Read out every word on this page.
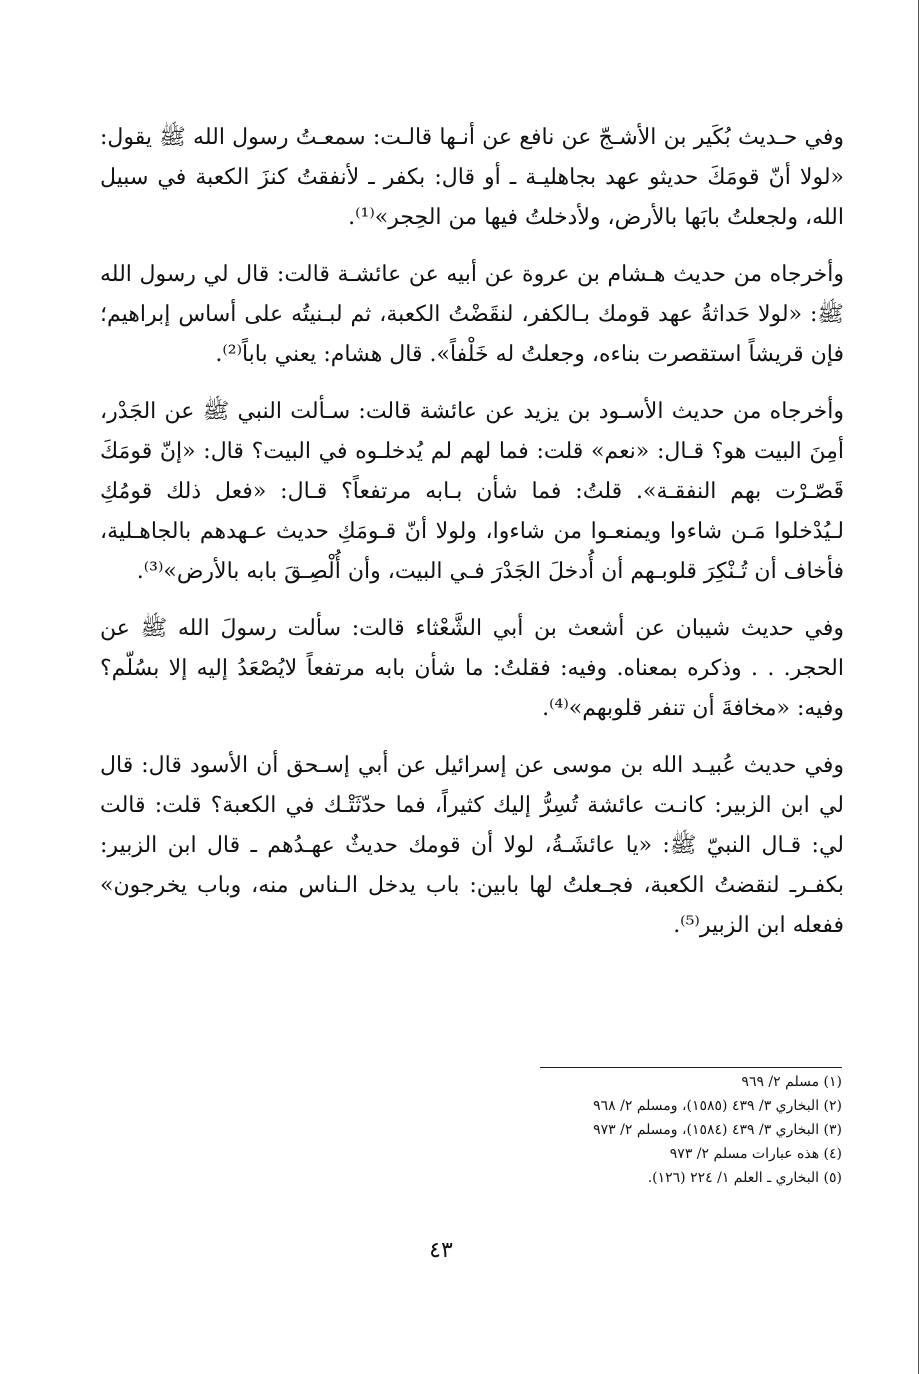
وفي حـديث بُكَير بن الأشـجّ عن نافع عن أنـها قالـت: سمعـتُ رسول الله ﷺ يقول: «لولا أنّ قومَكَ حديثو عهد بجاهليـة ـ أو قال: بكفر ـ لأنفقتُ كنزَ الكعبة في سبيل الله، ولجعلتُ بابَها بالأرض، ولأدخلتُ فيها من الحِجر»⁽¹⁾.

وأخرجاه من حديث هـشام بن عروة عن أبيه عن عائشـة قالت: قال لي رسول الله ﷺ: «لولا حَداثةُ عهد قومك بـالكفر، لنقَضْتُ الكعبة، ثم لبـنيتُه على أساس إبراهيم؛ فإن قريشاً استقصرت بناءه، وجعلتُ له خَلْفاً». قال هشام: يعني باباً⁽²⁾.

وأخرجاه من حديث الأسـود بن يزيد عن عائشة قالت: سـألت النبي ﷺ عن الجَدْر، أمِنَ البيت هو؟ قـال: «نعم» قلت: فما لهم لم يُدخلـوه في البيت؟ قال: «إنّ قومَكَ قَصّـرْت بهم النفقـة». قلتُ: فما شأن بـابه مرتفعاً؟ قـال: «فعل ذلك قومُكِ لـيُدْخلوا مَـن شاءوا ويمنعـوا من شاءوا، ولولا أنّ قـومَكِ حديث عـهدهم بالجاهـلية، فأخاف أن تُـنْكِرَ قلوبـهم أن أُدخلَ الجَدْرَ فـي البيت، وأن أُلْصِـقَ بابه بالأرض»⁽³⁾.

وفي حديث شيبان عن أشعث بن أبي الشَّعْثاء قالت: سألت رسولَ الله ﷺ عن الحجر. . . وذكره بمعناه. وفيه: فقلتُ: ما شأن بابه مرتفعاً لايُصْعَدُ إليه إلا بسُلّم؟ وفيه: «مخافةَ أن تنفر قلوبهم»⁽⁴⁾.

وفي حديث عُبيـد الله بن موسى عن إسرائيل عن أبي إسـحق أن الأسود قال: قال لي ابن الزبير: كانـت عائشة تُسِرُّ إليك كثيراً، فما حدّثَتْـك في الكعبة؟ قلت: قالت لي: قـال النبيّ ﷺ: «يا عائشَـةُ، لولا أن قومك حديثٌ عهـدُهم ـ قال ابن الزبير: بكفـرـ لنقضتُ الكعبة، فجـعلتُ لها بابين: باب يدخل الـناس منه، وباب يخرجون» ففعله ابن الزبير⁽⁵⁾.

(١) مسلم ٢/ ٩٦٩

(٢) البخاري ٣/ ٤٣٩ (١٥٨٥)، ومسلم ٢/ ٩٦٨

(٣) البخاري ٣/ ٤٣٩ (١٥٨٤)، ومسلم ٢/ ٩٧٣

(٤) هذه عبارات مسلم ٢/ ٩٧٣

(٥) البخاري ـ العلم ١/ ٢٢٤ (١٢٦).

٤٣
